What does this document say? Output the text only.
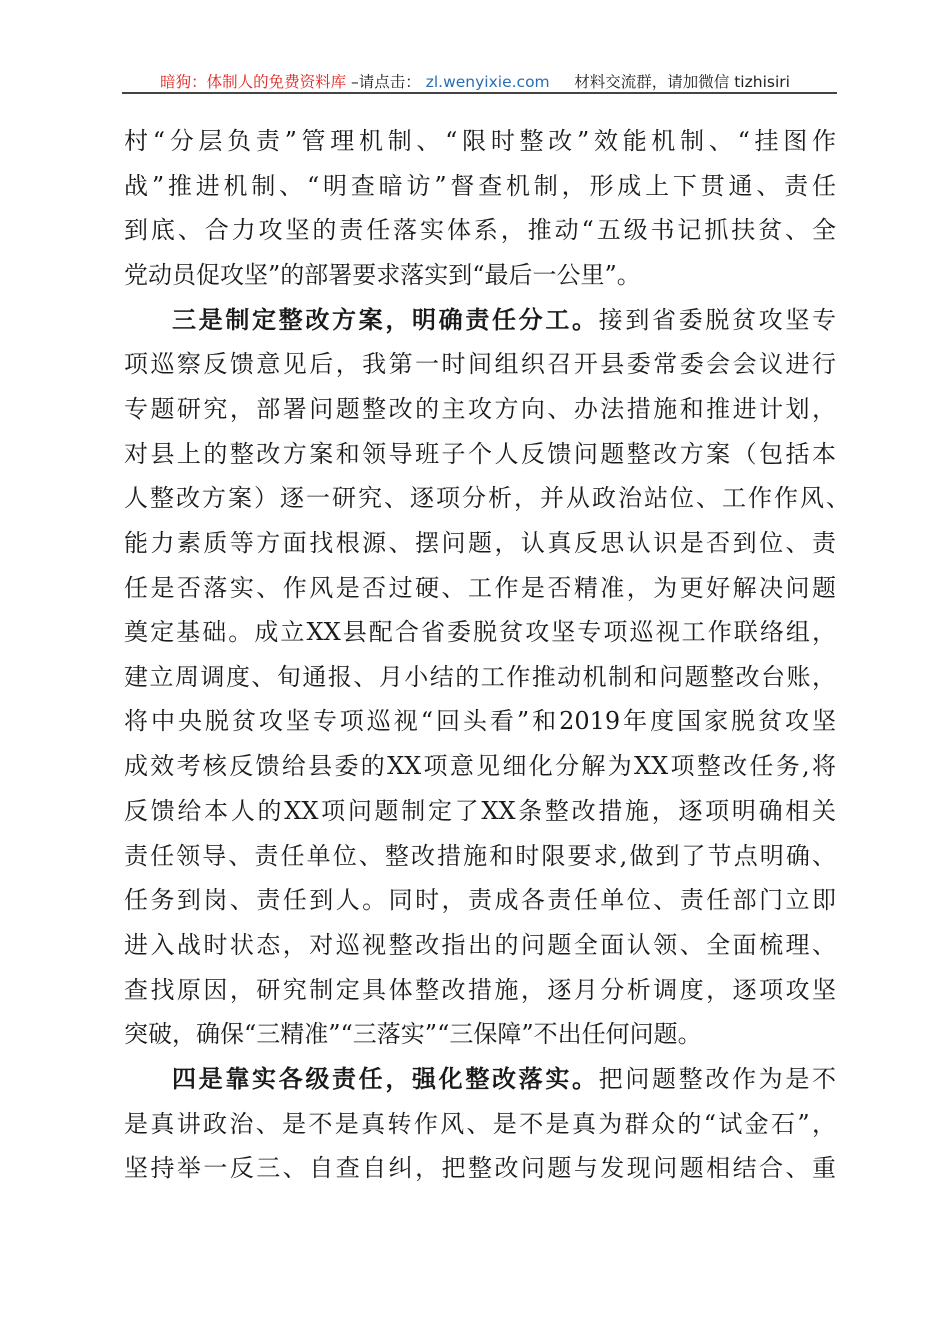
暗狗：体制人的免费资料库 –请点击： zl.wenyixie.com 材料交流群，请加微信 tizhisiri
村“分层负责”管理机制、“限时整改”效能机制、“挂图作
战”推进机制、“明查暗访”督查机制，形成上下贯通、责任
到底、合力攻坚的责任落实体系，推动“五级书记抓扶贫、全
党动员促攻坚”的部署要求落实到“最后一公里”。
三是制定整改方案，明确责任分工。接到省委脱贫攻坚专
项巡察反馈意见后，我第一时间组织召开县委常委会会议进行
专题研究，部署问题整改的主攻方向、办法措施和推进计划，
对县上的整改方案和领导班子个人反馈问题整改方案（包括本
人整改方案）逐一研究、逐项分析，并从政治站位、工作作风、
能力素质等方面找根源、摆问题，认真反思认识是否到位、责
任是否落实、作风是否过硬、工作是否精准，为更好解决问题
奠定基础。成立XX县配合省委脱贫攻坚专项巡视工作联络组，
建立周调度、旬通报、月小结的工作推动机制和问题整改台账，
将中央脱贫攻坚专项巡视“回头看”和2019年度国家脱贫攻坚
成效考核反馈给县委的XX项意见细化分解为XX项整改任务,将
反馈给本人的XX项问题制定了XX条整改措施，逐项明确相关
责任领导、责任单位、整改措施和时限要求,做到了节点明确、
任务到岗、责任到人。同时，责成各责任单位、责任部门立即
进入战时状态，对巡视整改指出的问题全面认领、全面梳理、
查找原因，研究制定具体整改措施，逐月分析调度，逐项攻坚
突破，确保“三精准”“三落实”“三保障”不出任何问题。
四是靠实各级责任，强化整改落实。把问题整改作为是不
是真讲政治、是不是真转作风、是不是真为群众的“试金石”，
坚持举一反三、自查自纠，把整改问题与发现问题相结合、重
